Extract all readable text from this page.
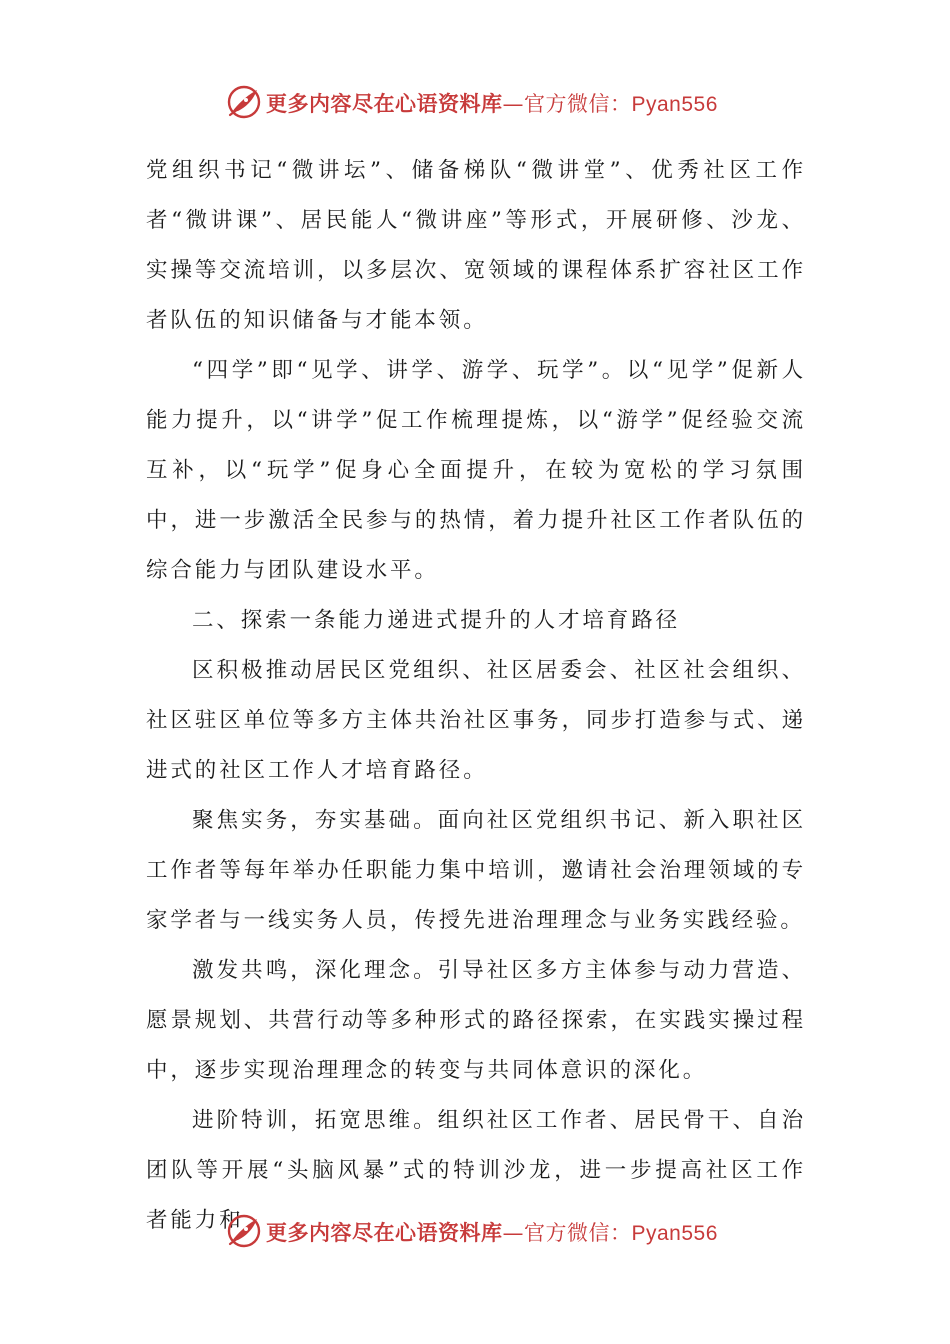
更多内容尽在心语资料库—官方微信：Pyan556

党组织书记“微讲坛”、储备梯队“微讲堂”、优秀社区工作者“微讲课”、居民能人“微讲座”等形式，开展研修、沙龙、实操等交流培训，以多层次、宽领域的课程体系扩容社区工作者队伍的知识储备与才能本领。

“四学”即“见学、讲学、游学、玩学”。以“见学”促新人能力提升，以“讲学”促工作梳理提炼，以“游学”促经验交流互补，以“玩学”促身心全面提升，在较为宽松的学习氛围中，进一步激活全民参与的热情，着力提升社区工作者队伍的综合能力与团队建设水平。

二、探索一条能力递进式提升的人才培育路径

区积极推动居民区党组织、社区居委会、社区社会组织、社区驻区单位等多方主体共治社区事务，同步打造参与式、递进式的社区工作人才培育路径。

聚焦实务，夯实基础。面向社区党组织书记、新入职社区工作者等每年举办任职能力集中培训，邀请社会治理领域的专家学者与一线实务人员，传授先进治理理念与业务实践经验。

激发共鸣，深化理念。引导社区多方主体参与动力营造、愿景规划、共营行动等多种形式的路径探索，在实践实操过程中，逐步实现治理理念的转变与共同体意识的深化。

进阶特训，拓宽思维。组织社区工作者、居民骨干、自治团队等开展“头脑风暴”式的特训沙龙，进一步提高社区工作者能力和	更多内容尽在心语资料库—官方微信：Pyan556
